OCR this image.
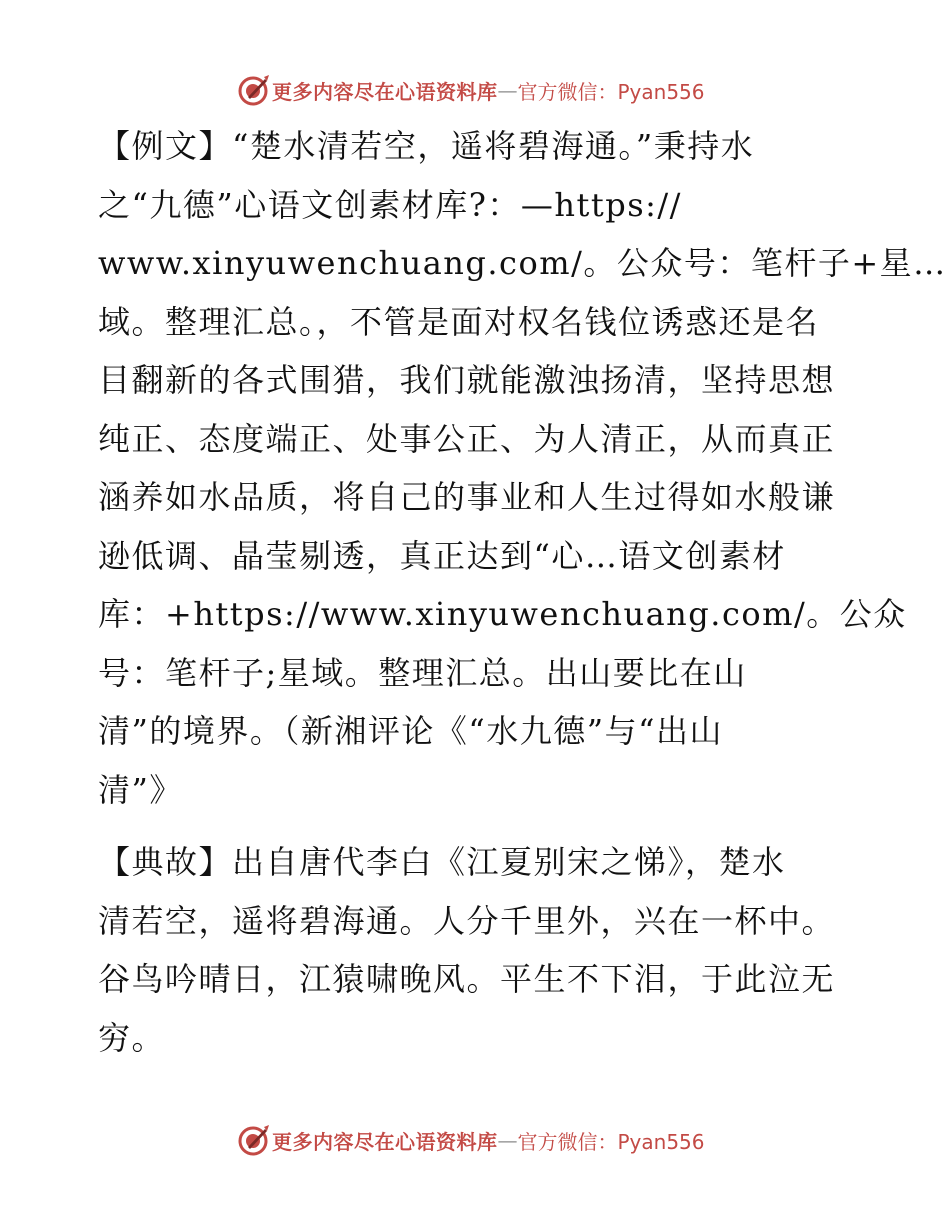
更多内容尽在心语资料库 — 官方微信：Pyan556
【例文】“楚水清若空，遥将碧海通。”秉持水
之“九德”心语文创素材库?：—https://
www.xinyuwenchuang.com/。公众号：笔杆子+星…
域。整理汇总。，不管是面对权名钱位诱惑还是名
目翻新的各式围猎，我们就能激浊扬清，坚持思想
纯正、态度端正、处事公正、为人清正，从而真正
涵养如水品质，将自己的事业和人生过得如水般谦
逊低调、晶莹剔透，真正达到“心…语文创素材
库：+https://www.xinyuwenchuang.com/。公众
号：笔杆子;星域。整理汇总。出山要比在山
清”的境界。（新湘评论《“水九德”与“出山
清”》
【典故】出自唐代李白《江夏别宋之悌》，楚水
清若空，遥将碧海通。人分千里外，兴在一杯中。
谷鸟吟晴日，江猿啸晚风。平生不下泪，于此泣无
穷。
更多内容尽在心语资料库 — 官方微信：Pyan556
